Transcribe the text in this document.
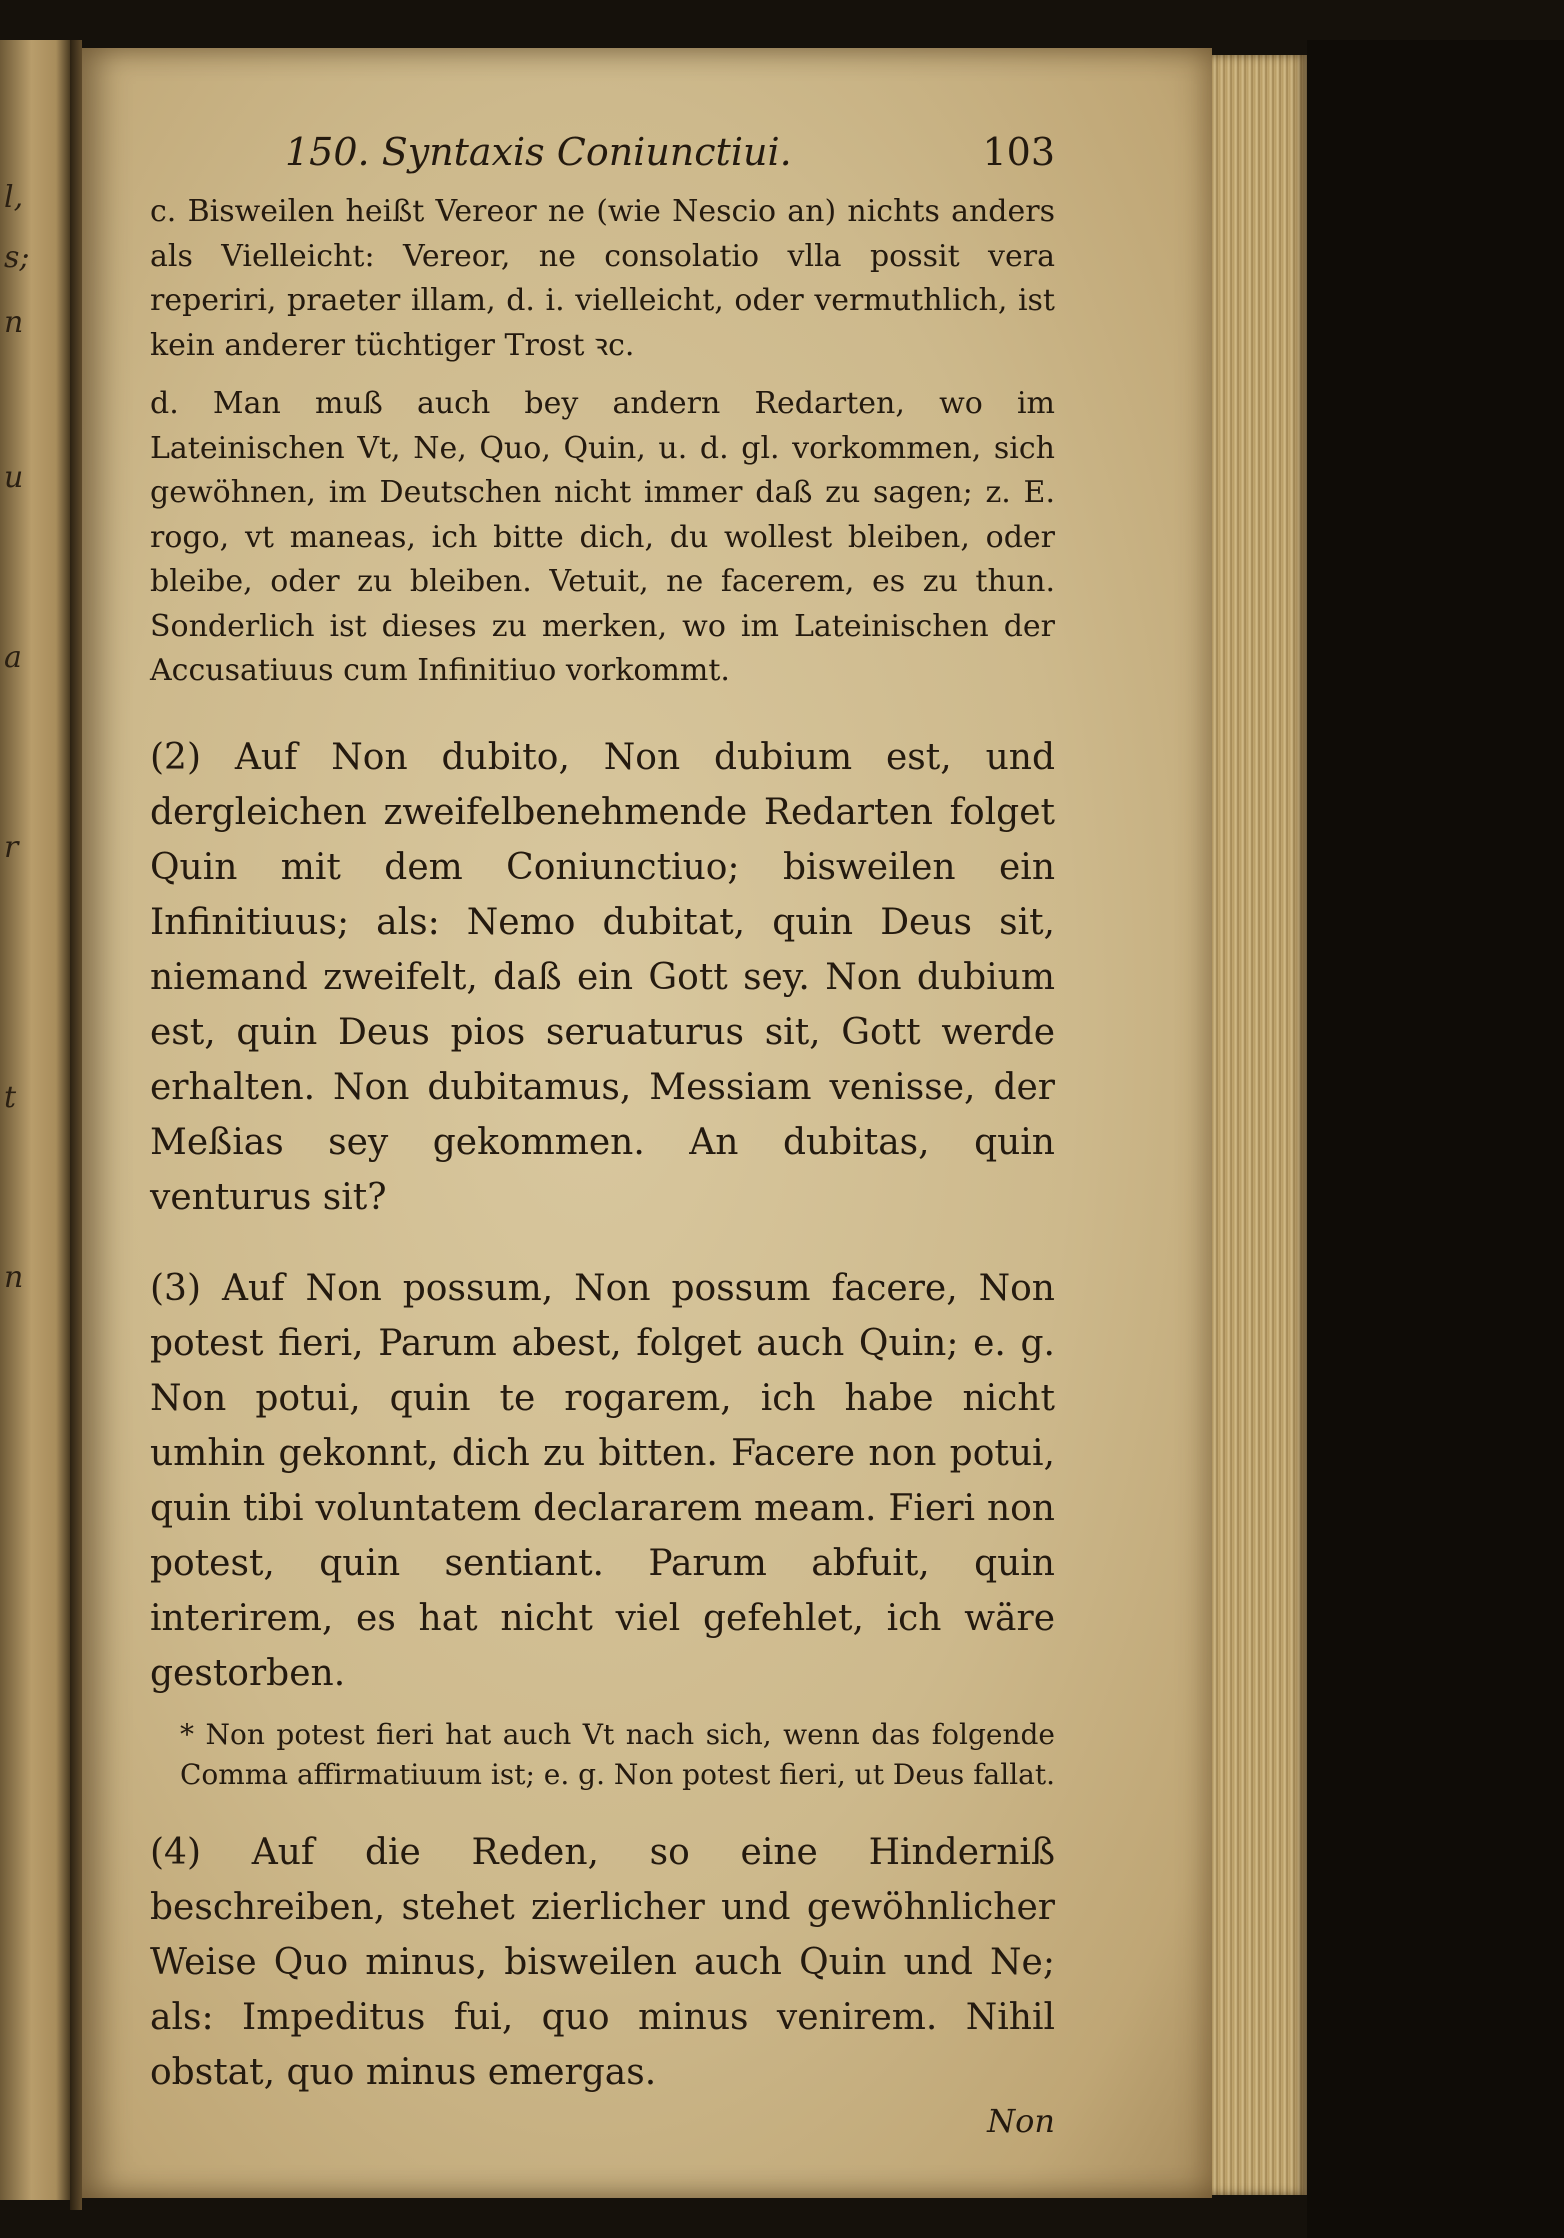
l,
s;
n
u
a
r
t
n
150. Syntaxis Coniunctiui.	103

c. Bisweilen heißt Vereor ne (wie Nescio an) nichts anders als Vielleicht: Vereor, ne consolatio vlla possit vera reperiri, praeter illam, d. i. vielleicht, oder vermuthlich, ist kein anderer tüchtiger Trost ꝛc.

d. Man muß auch bey andern Redarten, wo im Lateinischen Vt, Ne, Quo, Quin, u. d. gl. vorkommen, sich gewöhnen, im Deutschen nicht immer daß zu sagen; z. E. rogo, vt maneas, ich bitte dich, du wollest bleiben, oder bleibe, oder zu bleiben. Vetuit, ne facerem, es zu thun. Sonderlich ist dieses zu merken, wo im Lateinischen der Accusatiuus cum Infinitiuo vorkommt.

(2) Auf Non dubito, Non dubium est, und dergleichen zweifelbenehmende Redarten folget Quin mit dem Coniunctiuo; bisweilen ein Infinitiuus; als: Nemo dubitat, quin Deus sit, niemand zweifelt, daß ein Gott sey. Non dubium est, quin Deus pios seruaturus sit, Gott werde erhalten. Non dubitamus, Messiam venisse, der Meßias sey gekommen. An dubitas, quin venturus sit?

(3) Auf Non possum, Non possum facere, Non potest fieri, Parum abest, folget auch Quin; e. g. Non potui, quin te rogarem, ich habe nicht umhin gekonnt, dich zu bitten. Facere non potui, quin tibi voluntatem declararem meam. Fieri non potest, quin sentiant. Parum abfuit, quin interirem, es hat nicht viel gefehlet, ich wäre gestorben.

* Non potest fieri hat auch Vt nach sich, wenn das folgende Comma affirmatiuum ist; e. g. Non potest fieri, ut Deus fallat.

(4) Auf die Reden, so eine Hinderniß beschreiben, stehet zierlicher und gewöhnlicher Weise Quo minus, bisweilen auch Quin und Ne; als: Impeditus fui, quo minus venirem. Nihil obstat, quo minus emergas.

Non
